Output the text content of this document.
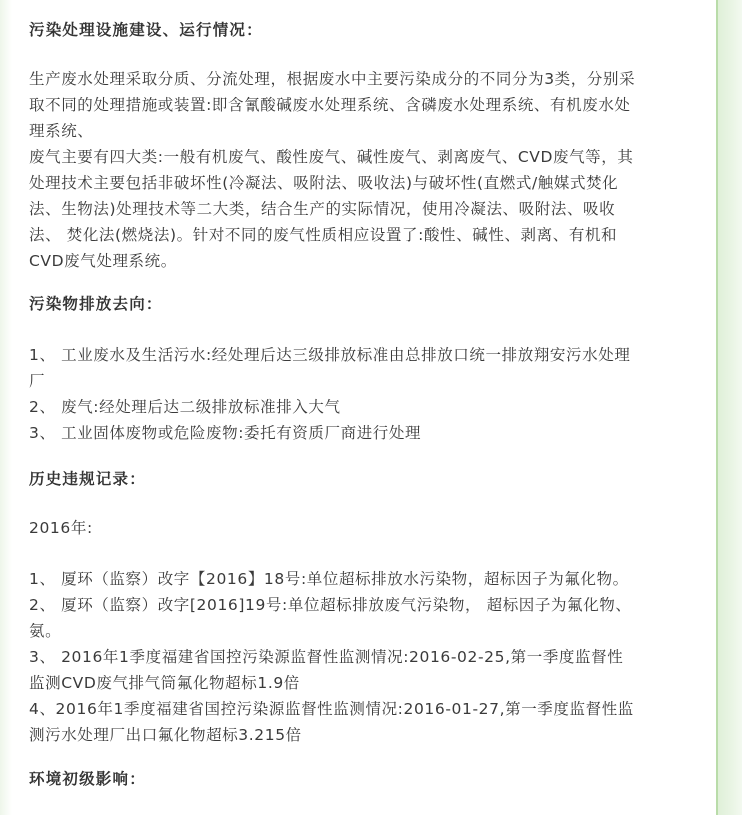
污染处理设施建设、运行情况：
生产废水处理采取分质、分流处理，根据废水中主要污染成分的不同分为3类，分别采
取不同的处理措施或装置:即含氰酸碱废水处理系统、含磷废水处理系统、有机废水处
理系统、
废气主要有四大类:一般有机废气、酸性废气、碱性废气、剥离废气、CVD废气等，其
处理技术主要包括非破坏性(冷凝法、吸附法、吸收法)与破坏性(直燃式/触媒式焚化
法、生物法)处理技术等二大类，结合生产的实际情况，使用冷凝法、吸附法、吸收
法、 焚化法(燃烧法)。针对不同的废气性质相应设置了:酸性、碱性、剥离、有机和
CVD废气处理系统。
污染物排放去向：
1、 工业废水及生活污水:经处理后达三级排放标准由总排放口统一排放翔安污水处理
厂
2、 废气:经处理后达二级排放标准排入大气
3、 工业固体废物或危险废物:委托有资质厂商进行处理
历史违规记录：
2016年:
1、 厦环（监察）改字【2016】18号:单位超标排放水污染物，超标因子为氟化物。
2、 厦环（监察）改字[2016]19号:单位超标排放废气污染物， 超标因子为氟化物、
氨。
3、 2016年1季度福建省国控污染源监督性监测情况:2016-02-25,第一季度监督性
监测CVD废气排气筒氟化物超标1.9倍
4、2016年1季度福建省国控污染源监督性监测情况:2016-01-27,第一季度监督性监
测污水处理厂出口氟化物超标3.215倍
环境初级影响：
